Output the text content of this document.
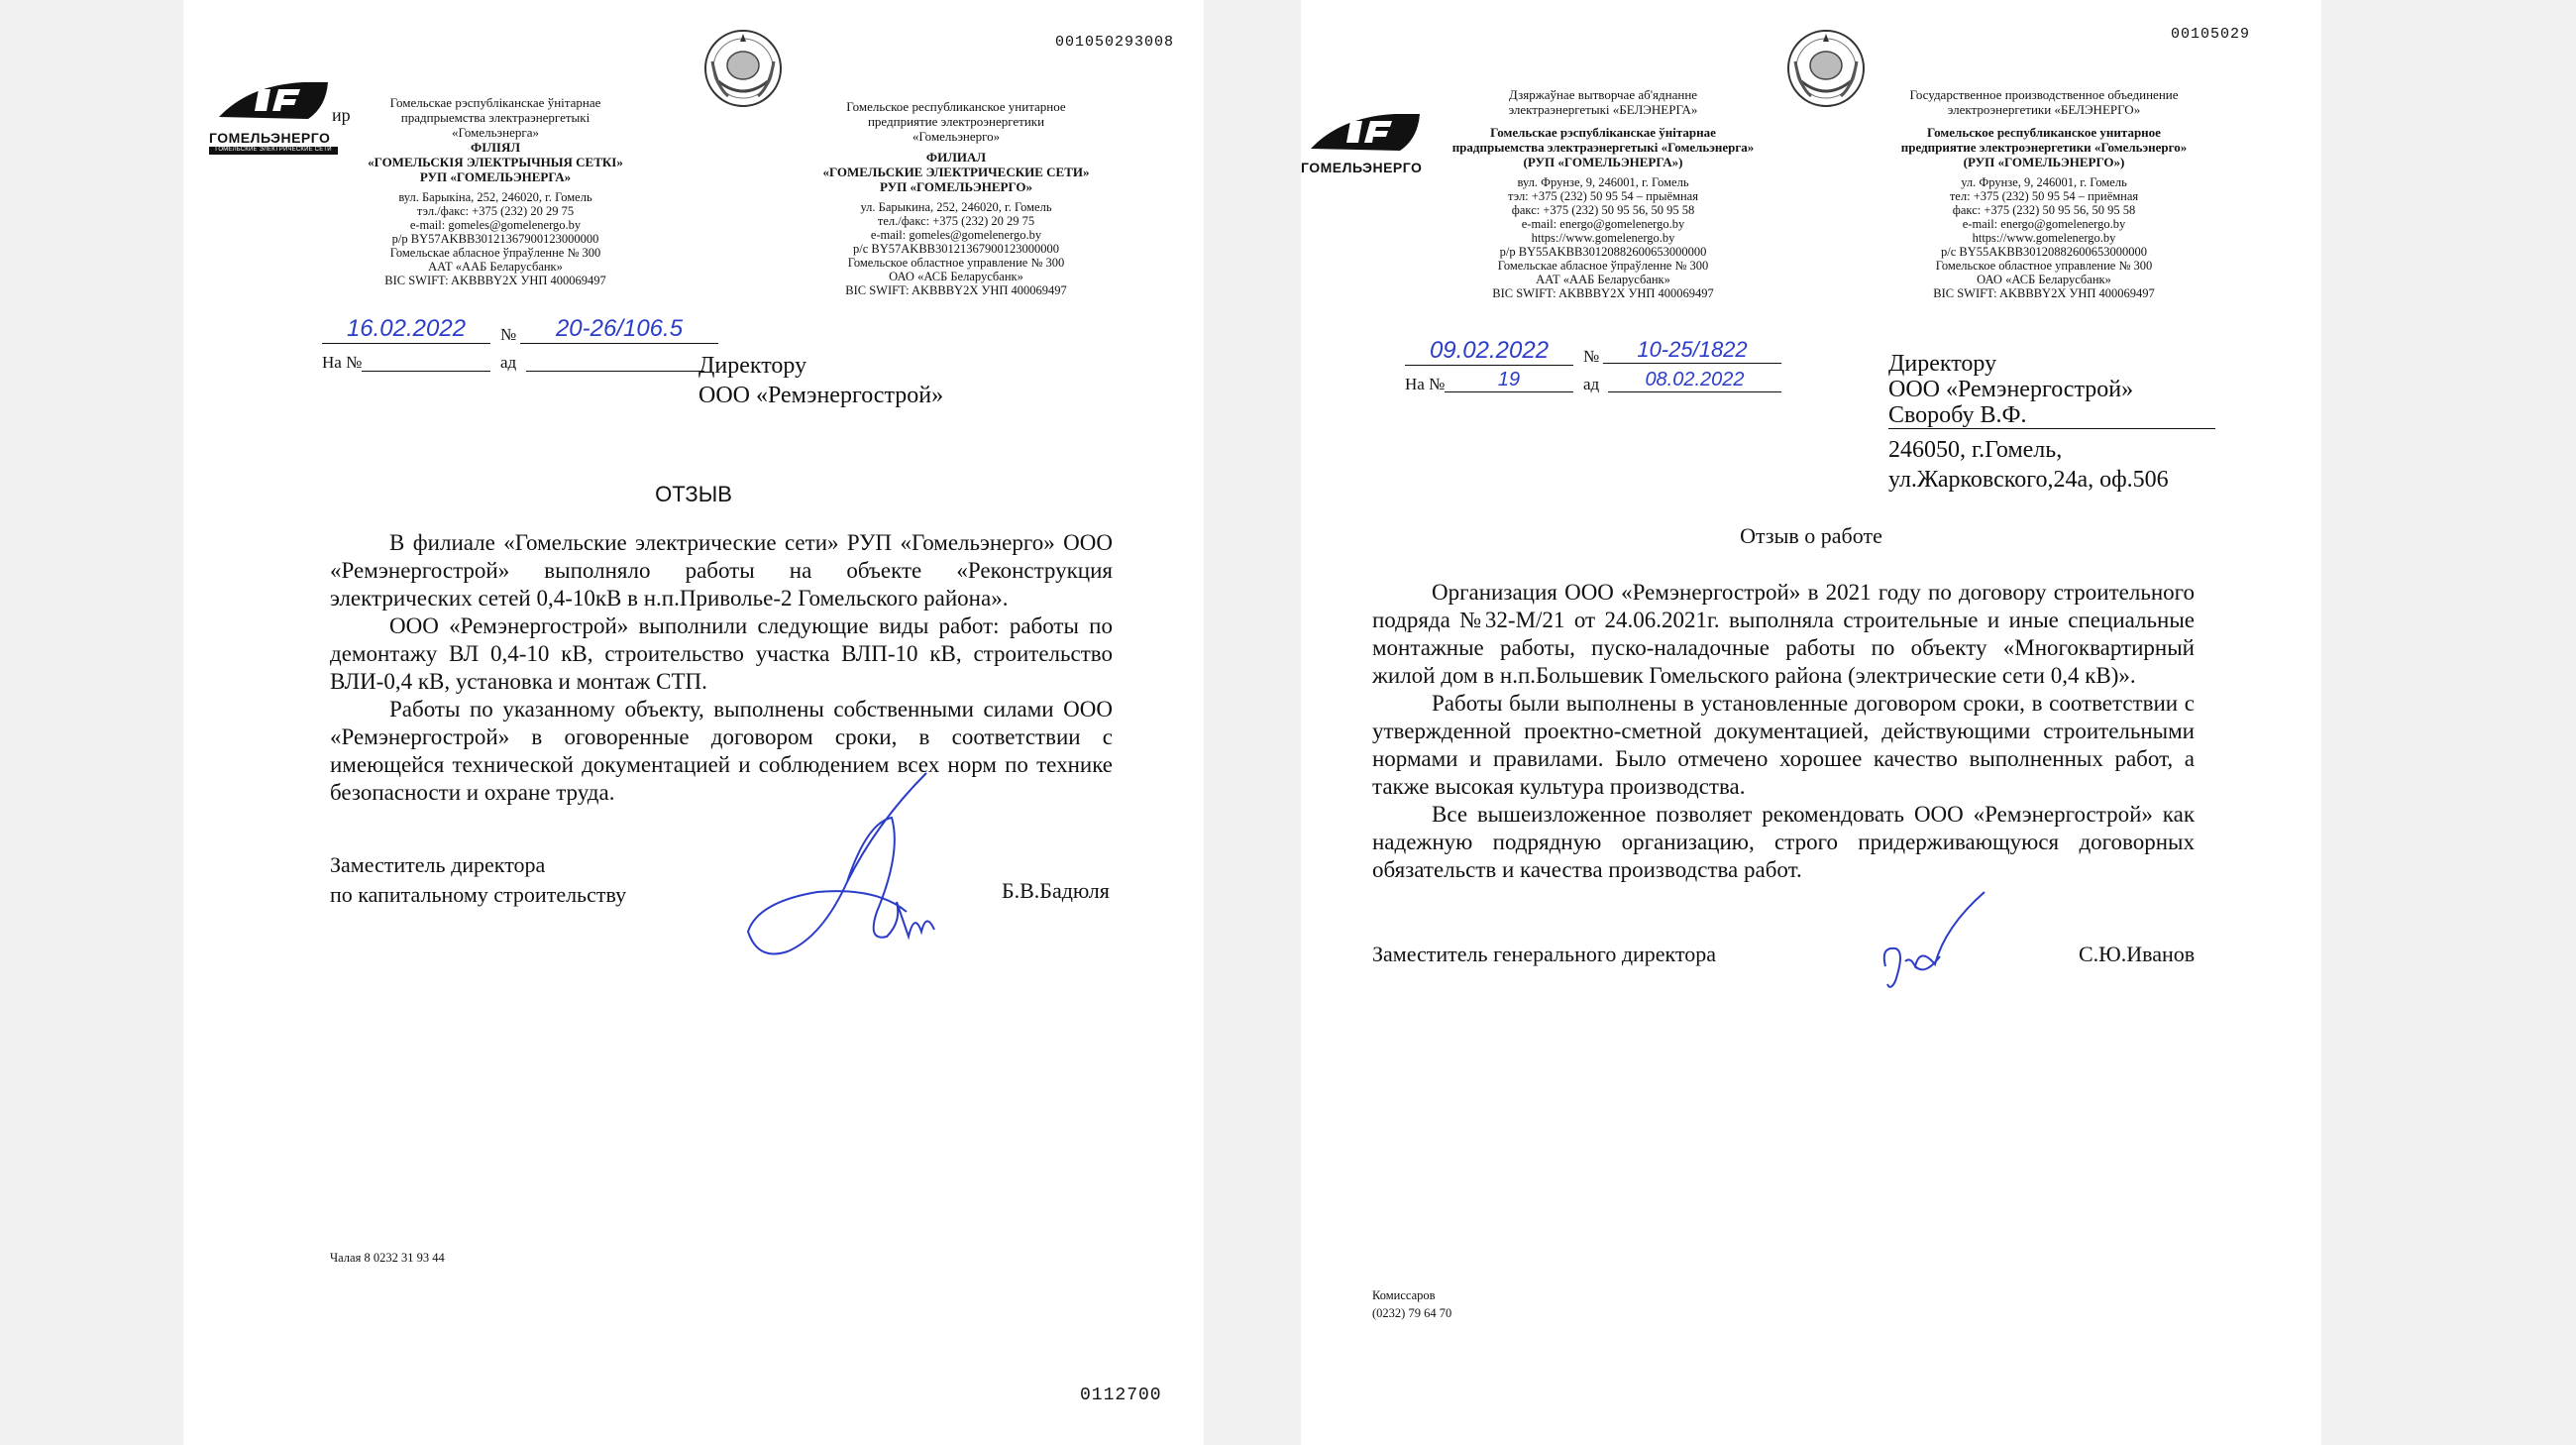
001050293008
ГОМЕЛЬЭНЕРГО
ГОМЕЛЬСКИЕ ЭЛЕКТРИЧЕСКИЕ СЕТИ
ир
Гомельскае рэспубліканскае ўнітарнае
прадпрыемства электраэнергетыкі
«Гомельэнерга»
ФІЛІЯЛ
«ГОМЕЛЬСКІЯ ЭЛЕКТРЫЧНЫЯ СЕТКІ»
РУП «ГОМЕЛЬЭНЕРГА»
вул. Барыкіна, 252, 246020, г. Гомель
тэл./факс: +375 (232) 20 29 75
e-mail: gomeles@gomelenergo.by
р/р BY57AKBB30121367900123000000
Гомельскае абласное ўпраўленне № 300
ААТ «ААБ Беларусбанк»
BIC SWIFT: AKBBBY2X УНП 400069497
Гомельское республиканское унитарное
предприятие электроэнергетики
«Гомельэнерго»
ФИЛИАЛ
«ГОМЕЛЬСКИЕ ЭЛЕКТРИЧЕСКИЕ СЕТИ»
РУП «ГОМЕЛЬЭНЕРГО»
ул. Барыкина, 252, 246020, г. Гомель
тел./факс: +375 (232) 20 29 75
e-mail: gomeles@gomelenergo.by
р/с BY57AKBB30121367900123000000
Гомельское областное управление № 300
ОАО «АСБ Беларусбанк»
BIC SWIFT: AKBBBY2X УНП 400069497
16.02.2022	№	20-26/106.5
На №	ад	Директору
ООО «Ремэнергострой»
ОТЗЫВ

В филиале «Гомельские электрические сети» РУП «Гомельэнерго» ООО «Ремэнергострой» выполняло работы на объекте «Реконструкция электрических сетей 0,4-10кВ в н.п.Приволье-2 Гомельского района».

ООО «Ремэнергострой» выполнили следующие виды работ: работы по демонтажу ВЛ 0,4-10 кВ, строительство участка ВЛП-10 кВ, строительство ВЛИ-0,4 кВ, установка и монтаж СТП.

Работы по указанному объекту, выполнены собственными силами ООО «Ремэнергострой» в оговоренные договором сроки, в соответствии с имеющейся технической документацией и соблюдением всех норм по технике безопасности и охране труда.

Заместитель директора
по капитальному строительству	Б.В.Бадюля
Чалая 8 0232 31 93 44
0112700
00105029
ГОМЕЛЬЭНЕРГО
Дзяржаўнае вытворчае аб'яднанне
электраэнергетыкі «БЕЛЭНЕРГА»
Гомельскае рэспубліканскае ўнітарнае
прадпрыемства электраэнергетыкі «Гомельэнерга»
(РУП «ГОМЕЛЬЭНЕРГА»)
вул. Фрунзе, 9, 246001, г. Гомель
тэл: +375 (232) 50 95 54 – прыёмная
факс: +375 (232) 50 95 56, 50 95 58
e-mail: energo@gomelenergo.by
https://www.gomelenergo.by
р/р BY55AKBB30120882600653000000
Гомельскае абласное ўпраўленне № 300
ААТ «ААБ Беларусбанк»
BIC SWIFT: AKBBBY2X УНП 400069497
Государственное производственное объединение
электроэнергетики «БЕЛЭНЕРГО»
Гомельское республиканское унитарное
предприятие электроэнергетики «Гомельэнерго»
(РУП «ГОМЕЛЬЭНЕРГО»)
ул. Фрунзе, 9, 246001, г. Гомель
тел: +375 (232) 50 95 54 – приёмная
факс: +375 (232) 50 95 56, 50 95 58
e-mail: energo@gomelenergo.by
https://www.gomelenergo.by
р/с BY55AKBB30120882600653000000
Гомельское областное управление № 300
ОАО «АСБ Беларусбанк»
BIC SWIFT: AKBBBY2X УНП 400069497
09.02.2022	№	10-25/1822
На №	19	ад	08.02.2022
Директору
ООО «Ремэнергострой»
Своробу В.Ф.
246050, г.Гомель,
ул.Жарковского,24а, оф.506
Отзыв о работе

Организация ООО «Ремэнергострой» в 2021 году по договору строительного подряда №32-М/21 от 24.06.2021г. выполняла строительные и иные специальные монтажные работы, пуско-наладочные работы по объекту «Многоквартирный жилой дом в н.п.Большевик Гомельского района (электрические сети 0,4 кВ)».

Работы были выполнены в установленные договором сроки, в соответствии с утвержденной проектно-сметной документацией, действующими строительными нормами и правилами. Было отмечено хорошее качество выполненных работ, а также высокая культура производства.

Все вышеизложенное позволяет рекомендовать ООО «Ремэнергострой» как надежную подрядную организацию, строго придерживающуюся договорных обязательств и качества производства работ.

Заместитель генерального директора	С.Ю.Иванов
Комиссаров
(0232) 79 64 70
